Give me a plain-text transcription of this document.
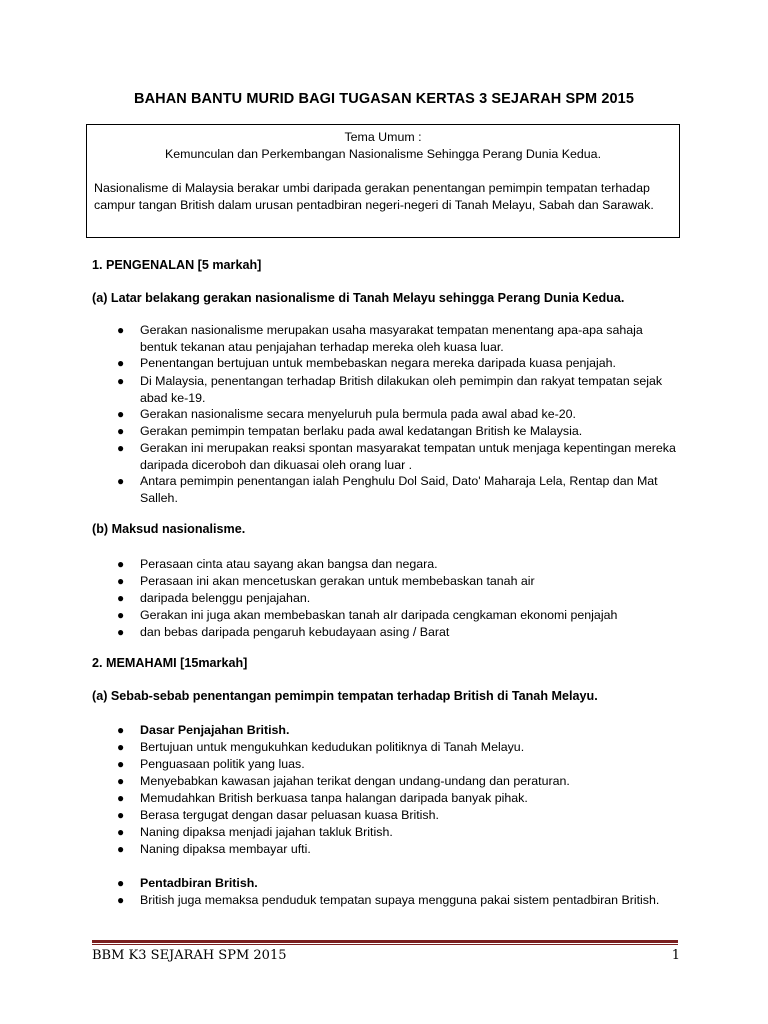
BAHAN BANTU MURID BAGI TUGASAN KERTAS 3 SEJARAH SPM 2015
Tema Umum :
Kemunculan dan Perkembangan Nasionalisme Sehingga Perang Dunia Kedua.
Nasionalisme di Malaysia berakar umbi daripada gerakan penentangan pemimpin tempatan terhadap campur tangan British dalam urusan pentadbiran negeri-negeri di Tanah Melayu, Sabah dan Sarawak.
1. PENGENALAN [5 markah]
(a) Latar belakang gerakan nasionalisme di Tanah Melayu sehingga Perang Dunia Kedua.
● Gerakan nasionalisme merupakan usaha masyarakat tempatan menentang apa-apa sahaja bentuk tekanan atau penjajahan terhadap mereka oleh kuasa luar.
● Penentangan bertujuan untuk membebaskan negara mereka daripada kuasa penjajah.
● Di Malaysia, penentangan terhadap British dilakukan oleh pemimpin dan rakyat tempatan sejak abad ke-19.
● Gerakan nasionalisme secara menyeluruh pula bermula pada awal abad ke-20.
● Gerakan pemimpin tempatan berlaku pada awal kedatangan British ke Malaysia.
● Gerakan ini merupakan reaksi spontan masyarakat tempatan untuk menjaga kepentingan mereka daripada diceroboh dan dikuasai oleh orang luar .
● Antara pemimpin penentangan ialah Penghulu Dol Said, Dato' Maharaja Lela, Rentap dan Mat Salleh.
(b) Maksud nasionalisme.
● Perasaan cinta atau sayang akan bangsa dan negara.
● Perasaan ini akan mencetuskan gerakan untuk membebaskan tanah air
● daripada belenggu penjajahan.
● Gerakan ini juga akan membebaskan tanah aIr daripada cengkaman ekonomi penjajah
● dan bebas daripada pengaruh kebudayaan asing / Barat
2. MEMAHAMI [15markah]
(a) Sebab-sebab penentangan pemimpin tempatan terhadap British di Tanah Melayu.
● Dasar Penjajahan British.
● Bertujuan untuk mengukuhkan kedudukan politiknya di Tanah Melayu.
● Penguasaan politik yang luas.
● Menyebabkan kawasan jajahan terikat dengan undang-undang dan peraturan.
● Memudahkan British berkuasa tanpa halangan daripada banyak pihak.
● Berasa tergugat dengan dasar peluasan kuasa British.
● Naning dipaksa menjadi jajahan takluk British.
● Naning dipaksa membayar ufti.
● Pentadbiran British.
● British juga memaksa penduduk tempatan supaya mengguna pakai sistem pentadbiran British.
BBM K3 SEJARAH SPM 2015	1
